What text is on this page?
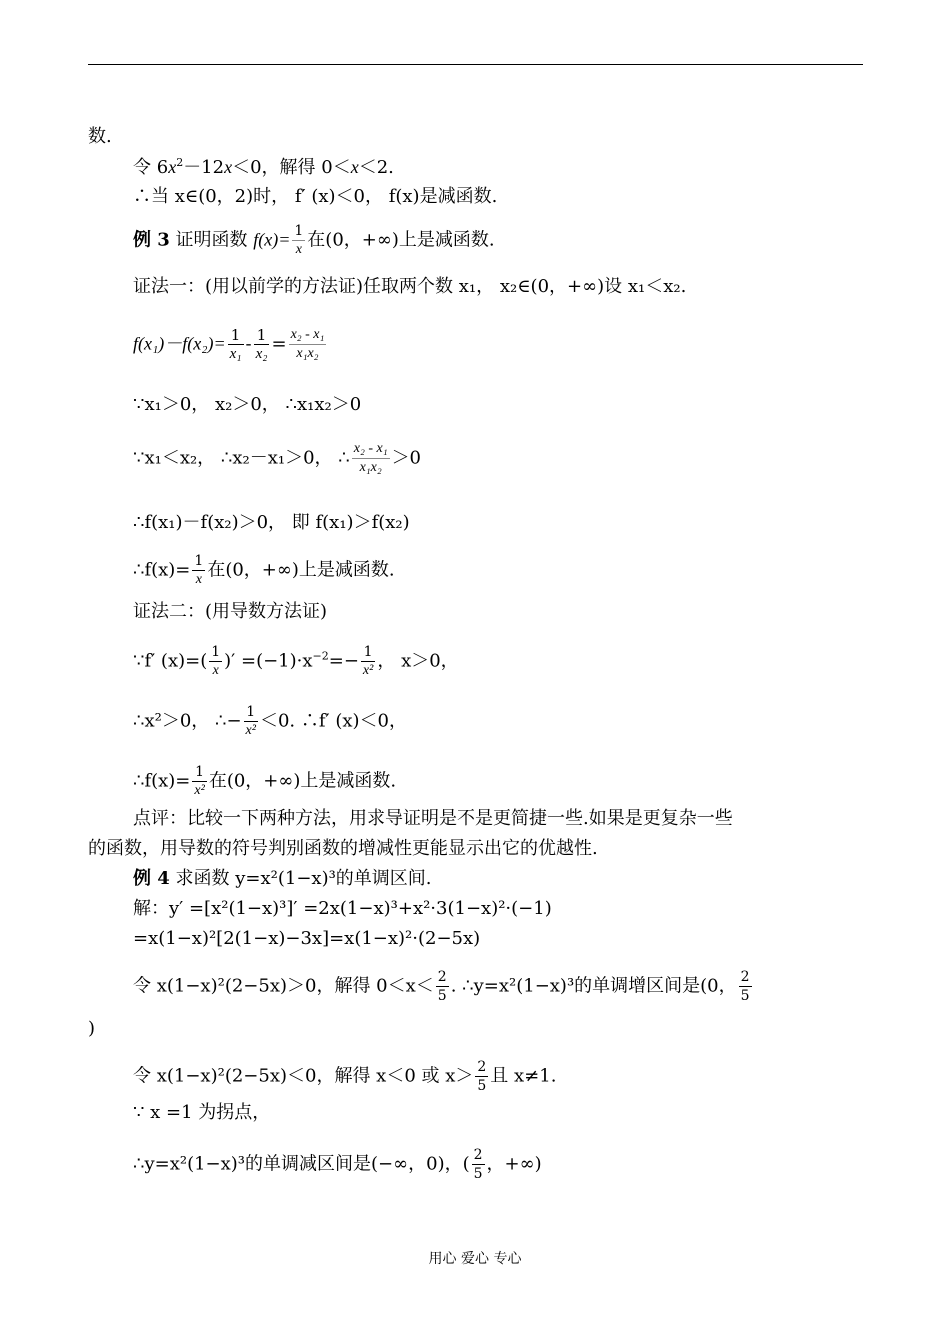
数.
令 $6x^2-12x<0$，解得 0＜x＜2.
∴当 x∈(0，2)时， f′ (x)＜0， f(x)是减函数.
例 3 证明函数 $f(x)= \frac{1}{x}$ 在(0，+∞)上是减函数.
证法一：(用以前学的方法证)任取两个数 x₁， x₂∈(0，+∞)设 x₁＜x₂.
$f(x_1)-f(x_2)= \frac{1}{\text{x₁}} - \frac{1}{\text{x₂}} = \frac{\text{x₂ - x₁}}{\text{x₁x₂}}$
∵x₁＞0， x₂＞0， ∴x₁x₂＞0
∵x₁＜x₂， ∴x₂－x₁＞0， ∴ $\frac{\text{x₂ - x₁}}{\text{x₁x₂}} >0$
∴f(x₁)－f(x₂)＞0， 即 f(x₁)＞f(x₂)
∴f(x)= $\frac{1}{x}$ 在(0，+∞)上是减函数.
证法二：(用导数方法证)
∵f′ $(x)=( \frac{1}{x}$ )′ $=(-1)\cdot x^{-2}=- \frac{1}{\text{x²}}$ ， x＞0，
∴x²＞0， ∴− $\frac{1}{\text{x²}} <0$. ∴f′ (x)＜0，
∴f(x)= $\frac{1}{\text{x²}}$ 在(0，+∞)上是减函数.
点评：比较一下两种方法，用求导证明是不是更简捷一些.如果是更复杂一些
的函数，用导数的符号判别函数的增减性更能显示出它的优越性.
例 4 求函数 y=x²(1−x)³的单调区间.
解：y′ =[x²(1−x)³]′ =2x(1−x)³+x²·3(1−x)²·(−1)
=x(1−x)²[2(1−x)−3x]=x(1−x)²·(2−5x)
令 x(1−x)²(2−5x)＞0，解得 $0<x< \frac{2}{5}$ . ∴y=x²(1−x)³的单调增区间是(0， $\frac{2}{5}$
)
令 x(1−x)²(2−5x)＜0，解得 x＜0 或 $x> \frac{2}{5}$ 且 x≠1.
∵ x =1 为拐点，
∴y=x²(1−x)³的单调减区间是(−∞，0)，( $\frac{2}{5}$ ，+∞)
用心 爱心 专心
